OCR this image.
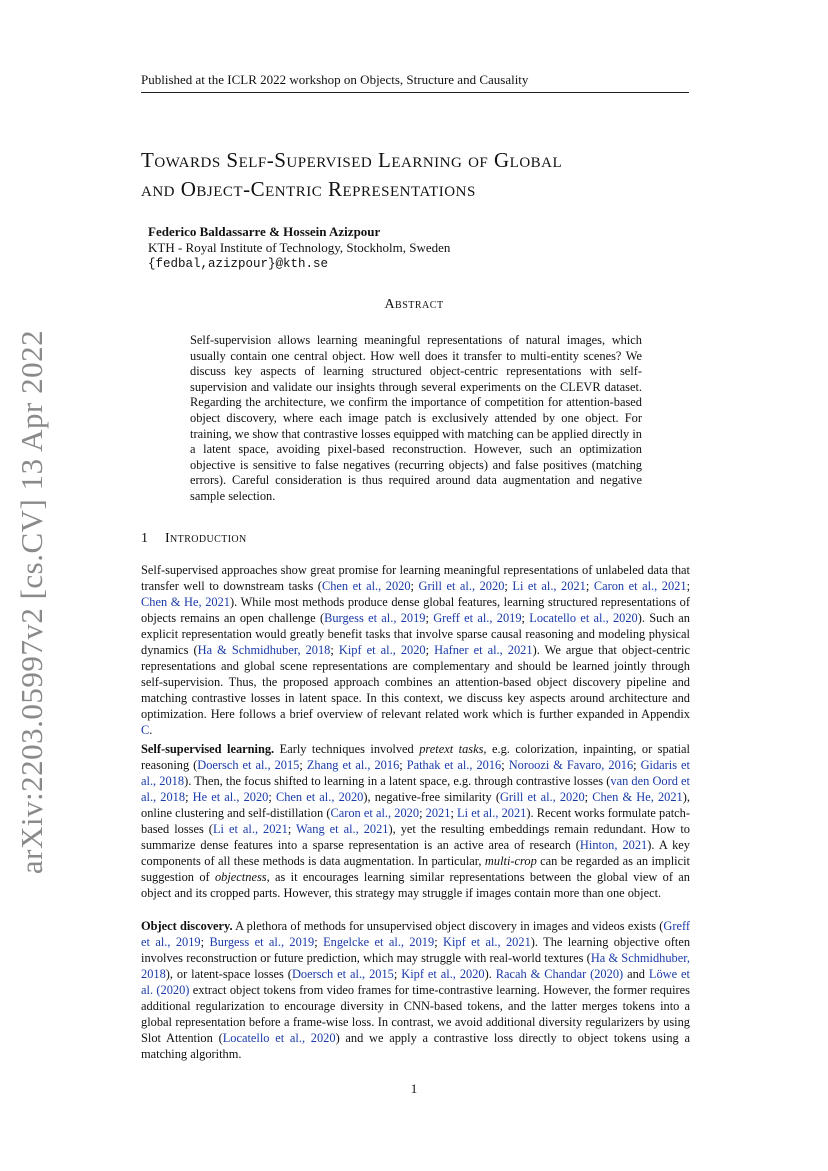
Published at the ICLR 2022 workshop on Objects, Structure and Causality
Towards Self-Supervised Learning of Global
and Object-Centric Representations
Federico Baldassarre & Hossein Azizpour
KTH - Royal Institute of Technology, Stockholm, Sweden
{fedbal,azizpour}@kth.se
arXiv:2203.05997v2 [cs.CV] 13 Apr 2022
Abstract
Self-supervision allows learning meaningful representations of natural images, which usually contain one central object. How well does it transfer to multi-entity scenes? We discuss key aspects of learning structured object-centric representations with self-supervision and validate our insights through several experiments on the CLEVR dataset. Regarding the architecture, we confirm the importance of competition for attention-based object discovery, where each image patch is exclusively attended by one object. For training, we show that contrastive losses equipped with matching can be applied directly in a latent space, avoiding pixel-based reconstruction. However, such an optimization objective is sensitive to false negatives (recurring objects) and false positives (matching errors). Careful consideration is thus required around data augmentation and negative sample selection.
1 Introduction
Self-supervised approaches show great promise for learning meaningful representations of unlabeled data that transfer well to downstream tasks (Chen et al., 2020; Grill et al., 2020; Li et al., 2021; Caron et al., 2021; Chen & He, 2021). While most methods produce dense global features, learning structured representations of objects remains an open challenge (Burgess et al., 2019; Greff et al., 2019; Locatello et al., 2020). Such an explicit representation would greatly benefit tasks that involve sparse causal reasoning and modeling physical dynamics (Ha & Schmidhuber, 2018; Kipf et al., 2020; Hafner et al., 2021). We argue that object-centric representations and global scene representations are complementary and should be learned jointly through self-supervision. Thus, the proposed approach combines an attention-based object discovery pipeline and matching contrastive losses in latent space. In this context, we discuss key aspects around architecture and optimization. Here follows a brief overview of relevant related work which is further expanded in Appendix C.
Self-supervised learning. Early techniques involved pretext tasks, e.g. colorization, inpainting, or spatial reasoning (Doersch et al., 2015; Zhang et al., 2016; Pathak et al., 2016; Noroozi & Favaro, 2016; Gidaris et al., 2018). Then, the focus shifted to learning in a latent space, e.g. through contrastive losses (van den Oord et al., 2018; He et al., 2020; Chen et al., 2020), negative-free similarity (Grill et al., 2020; Chen & He, 2021), online clustering and self-distillation (Caron et al., 2020; 2021; Li et al., 2021). Recent works formulate patch-based losses (Li et al., 2021; Wang et al., 2021), yet the resulting embeddings remain redundant. How to summarize dense features into a sparse representation is an active area of research (Hinton, 2021). A key components of all these methods is data augmentation. In particular, multi-crop can be regarded as an implicit suggestion of objectness, as it encourages learning similar representations between the global view of an object and its cropped parts. However, this strategy may struggle if images contain more than one object.
Object discovery. A plethora of methods for unsupervised object discovery in images and videos exists (Greff et al., 2019; Burgess et al., 2019; Engelcke et al., 2019; Kipf et al., 2021). The learning objective often involves reconstruction or future prediction, which may struggle with real-world textures (Ha & Schmidhuber, 2018), or latent-space losses (Doersch et al., 2015; Kipf et al., 2020). Racah & Chandar (2020) and Löwe et al. (2020) extract object tokens from video frames for time-contrastive learning. However, the former requires additional regularization to encourage diversity in CNN-based tokens, and the latter merges tokens into a global representation before a frame-wise loss. In contrast, we avoid additional diversity regularizers by using Slot Attention (Locatello et al., 2020) and we apply a contrastive loss directly to object tokens using a matching algorithm.
1
